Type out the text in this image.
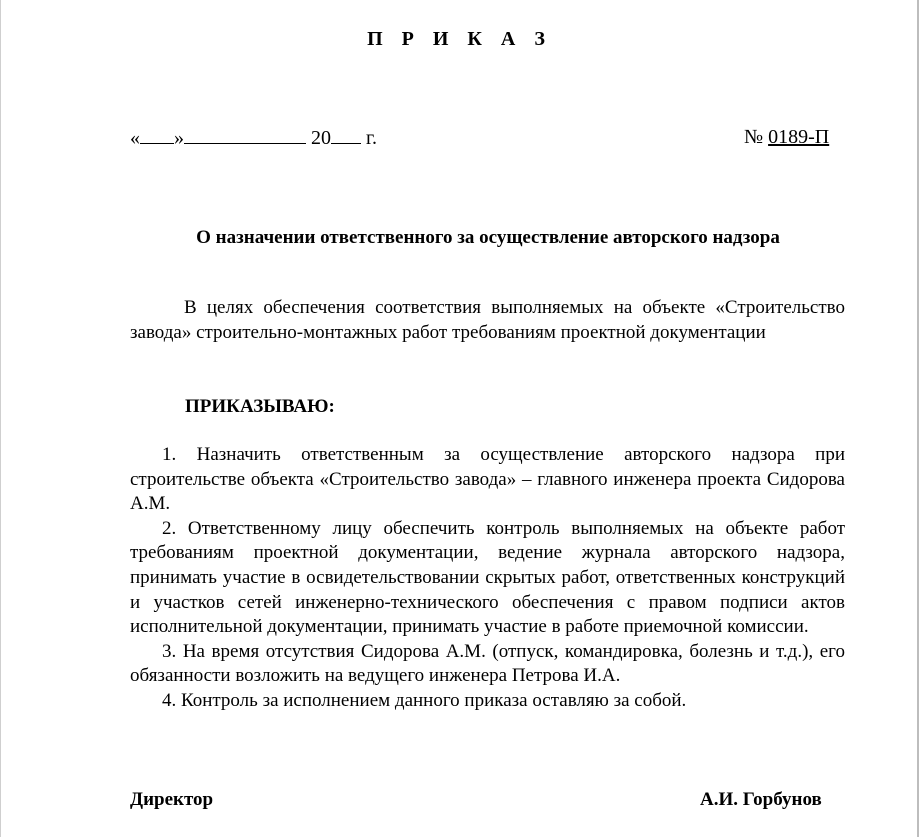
П Р И К А З
« »	20 г.	№ 0189-П
О назначении ответственного за осуществление авторского надзора
В целях обеспечения соответствия выполняемых на объекте «Строительство завода» строительно-монтажных работ требованиям проектной документации
ПРИКАЗЫВАЮ:

1. Назначить ответственным за осуществление авторского надзора при строительстве объекта «Строительство завода» – главного инженера проекта Сидорова А.М.

2. Ответственному лицу обеспечить контроль выполняемых на объекте работ требованиям проектной документации, ведение журнала авторского надзора, принимать участие в освидетельствовании скрытых работ, ответственных конструкций и участков сетей инженерно-технического обеспечения с правом подписи актов исполнительной документации, принимать участие в работе приемочной комиссии.

3. На время отсутствия Сидорова А.М. (отпуск, командировка, болезнь и т.д.), его обязанности возложить на ведущего инженера Петрова И.А.

4. Контроль за исполнением данного приказа оставляю за собой.

Директор	А.И. Горбунов
